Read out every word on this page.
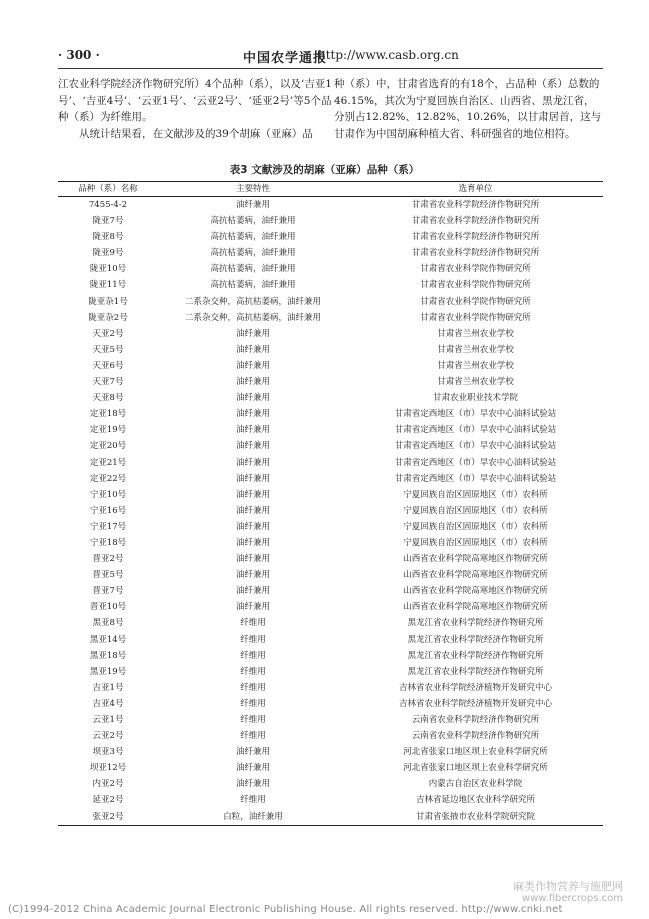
· 300 ·	中国农学通报
http://www.casb.org.cn

江农业科学院经济作物研究所）4个品种（系），以及‘吉亚1号’、‘吉亚4号’、‘云亚1号’、‘云亚2号’、‘延亚2号’等5个品种（系）为纤维用。

从统计结果看，在文献涉及的39个胡麻（亚麻）品

种（系）中，甘肃省选育的有18个，占品种（系）总数的46.15%，其次为宁夏回族自治区、山西省、黑龙江省，分别占12.82%、12.82%、10.26%，以甘肃居首，这与甘肃作为中国胡麻种植大省、科研强省的地位相符。

表3 文献涉及的胡麻（亚麻）品种（系）
品种（系）名称	主要特性	选育单位
7455-4-2	油纤兼用	甘肃省农业科学院经济作物研究所
陇亚7号	高抗枯萎病，油纤兼用	甘肃省农业科学院经济作物研究所
陇亚8号	高抗枯萎病，油纤兼用	甘肃省农业科学院经济作物研究所
陇亚9号	高抗枯萎病，油纤兼用	甘肃省农业科学院经济作物研究所
陇亚10号	高抗枯萎病，油纤兼用	甘肃省农业科学院作物研究所
陇亚11号	高抗枯萎病，油纤兼用	甘肃省农业科学院作物研究所
陇亚杂1号	二系杂交种，高抗枯萎病，油纤兼用	甘肃省农业科学院作物研究所
陇亚杂2号	二系杂交种，高抗枯萎病，油纤兼用	甘肃省农业科学院作物研究所
天亚2号	油纤兼用	甘肃省兰州农业学校
天亚5号	油纤兼用	甘肃省兰州农业学校
天亚6号	油纤兼用	甘肃省兰州农业学校
天亚7号	油纤兼用	甘肃省兰州农业学校
天亚8号	油纤兼用	甘肃农业职业技术学院
定亚18号	油纤兼用	甘肃省定西地区（市）旱农中心油料试验站
定亚19号	油纤兼用	甘肃省定西地区（市）旱农中心油料试验站
定亚20号	油纤兼用	甘肃省定西地区（市）旱农中心油料试验站
定亚21号	油纤兼用	甘肃省定西地区（市）旱农中心油料试验站
定亚22号	油纤兼用	甘肃省定西地区（市）旱农中心油料试验站
宁亚10号	油纤兼用	宁夏回族自治区固原地区（市）农科所
宁亚16号	油纤兼用	宁夏回族自治区固原地区（市）农科所
宁亚17号	油纤兼用	宁夏回族自治区固原地区（市）农科所
宁亚18号	油纤兼用	宁夏回族自治区固原地区（市）农科所
晋亚2号	油纤兼用	山西省农业科学院高寒地区作物研究所
晋亚5号	油纤兼用	山西省农业科学院高寒地区作物研究所
晋亚7号	油纤兼用	山西省农业科学院高寒地区作物研究所
晋亚10号	油纤兼用	山西省农业科学院高寒地区作物研究所
黑亚8号	纤维用	黑龙江省农业科学院经济作物研究所
黑亚14号	纤维用	黑龙江省农业科学院经济作物研究所
黑亚18号	纤维用	黑龙江省农业科学院经济作物研究所
黑亚19号	纤维用	黑龙江省农业科学院经济作物研究所
吉亚1号	纤维用	吉林省农业科学院经济植物开发研究中心
吉亚4号	纤维用	吉林省农业科学院经济植物开发研究中心
云亚1号	纤维用	云南省农业科学院经济作物研究所
云亚2号	纤维用	云南省农业科学院经济作物研究所
坝亚3号	油纤兼用	河北省张家口地区坝上农业科学研究所
坝亚12号	油纤兼用	河北省张家口地区坝上农业科学研究所
内亚2号	油纤兼用	内蒙古自治区农业科学院
延亚2号	纤维用	吉林省延边地区农业科学研究所
张亚2号	白粒，油纤兼用	甘肃省张掖市农业科学院研究院
(C)1994-2012 China Academic Journal Electronic Publishing House. All rights reserved. http://www.cnki.net
麻类作物营养与施肥网
www.fibercrops.com
